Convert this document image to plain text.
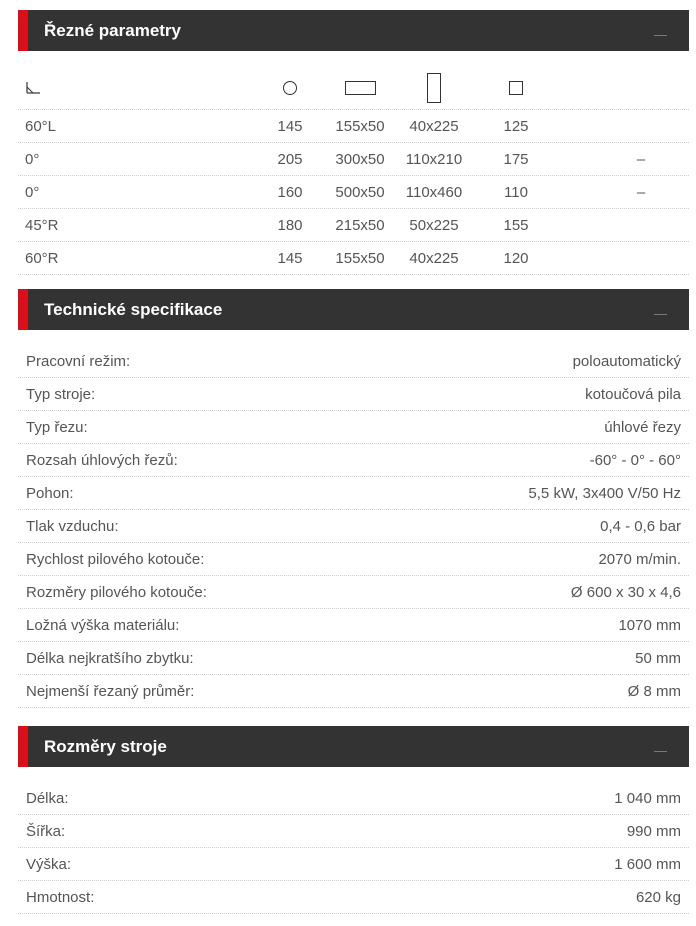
Řezné parametry
60°L	145	155x50	40x225	125
0°	205	300x50	110x210	175	–
0°	160	500x50	110x460	110	–
45°R	180	215x50	50x225	155
60°R	145	155x50	40x225	120
Technické specifikace
Pracovní režim:	poloautomatický
Typ stroje:	kotoučová pila
Typ řezu:	úhlové řezy
Rozsah úhlových řezů:	-60° - 0° - 60°
Pohon:	5,5 kW, 3x400 V/50 Hz
Tlak vzduchu:	0,4 - 0,6 bar
Rychlost pilového kotouče:	2070 m/min.
Rozměry pilového kotouče:	Ø 600 x 30 x 4,6
Ložná výška materiálu:	1070 mm
Délka nejkratšího zbytku:	50 mm
Nejmenší řezaný průměr:	Ø 8 mm
Rozměry stroje
Délka:	1 040 mm
Šířka:	990 mm
Výška:	1 600 mm
Hmotnost:	620 kg
